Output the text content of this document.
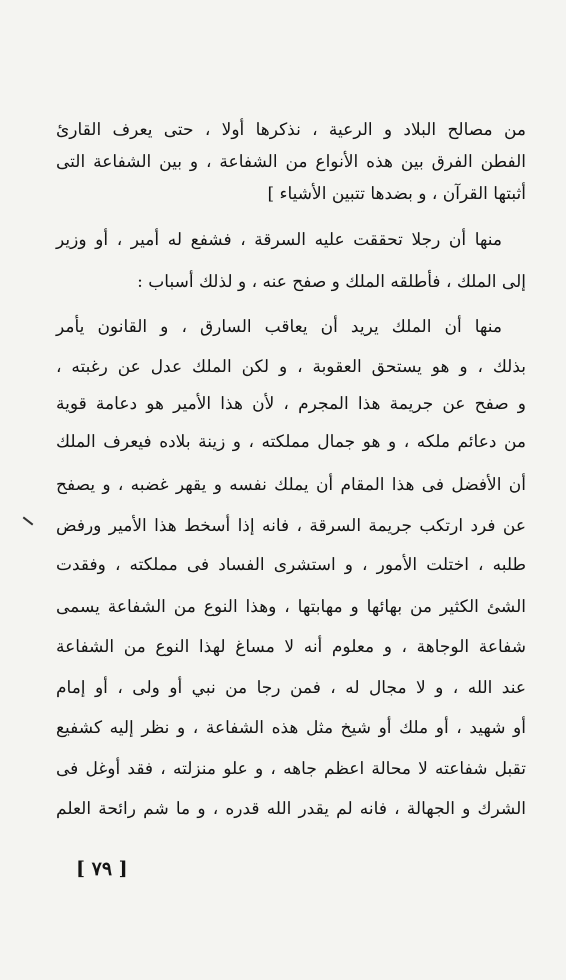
من مصالح البلاد و الرعية ، نذكرها أولا ، حتى يعرف القارئ
الفطن الفرق بين هذه الأنواع من الشفاعة ، و بين الشفاعة التى
أثبتها القرآن ، و بضدها تتبين الأشياء ]
منها أن رجلا تحققت عليه السرقة ، فشفع له أمير ، أو وزير
إلى الملك ، فأطلقه الملك و صفح عنه ، و لذلك أسباب :
منها أن الملك يريد أن يعاقب السارق ، و القانون يأمر
بذلك ، و هو يستحق العقوبة ، و لكن الملك عدل عن رغبته ،
و صفح عن جريمة هذا المجرم ، لأن هذا الأمير هو دعامة قوية
من دعائم ملكه ، و هو جمال مملكته ، و زينة بلاده فيعرف الملك
أن الأفضل فى هذا المقام أن يملك نفسه و يقهر غضبه ، و يصفح
عن فرد ارتكب جريمة السرقة ، فانه إذا أسخط هذا الأمير ورفض
طلبه ، اختلت الأمور ، و استشرى الفساد فى مملكته ، وفقدت
الشئ الكثير من بهائها و مهابتها ، وهذا النوع من الشفاعة يسمى
شفاعة الوجاهة ، و معلوم أنه لا مساغ لهذا النوع من الشفاعة
عند الله ، و لا مجال له ، فمن رجا من نبي أو ولى ، أو إمام
أو شهيد ، أو ملك أو شيخ مثل هذه الشفاعة ، و نظر إليه كشفيع
تقبل شفاعته لا محالة اعظم جاهه ، و علو منزلته ، فقد أوغل فى
الشرك و الجهالة ، فانه لم يقدر الله قدره ، و ما شم رائحة العلم
[ ٧٩ ]
